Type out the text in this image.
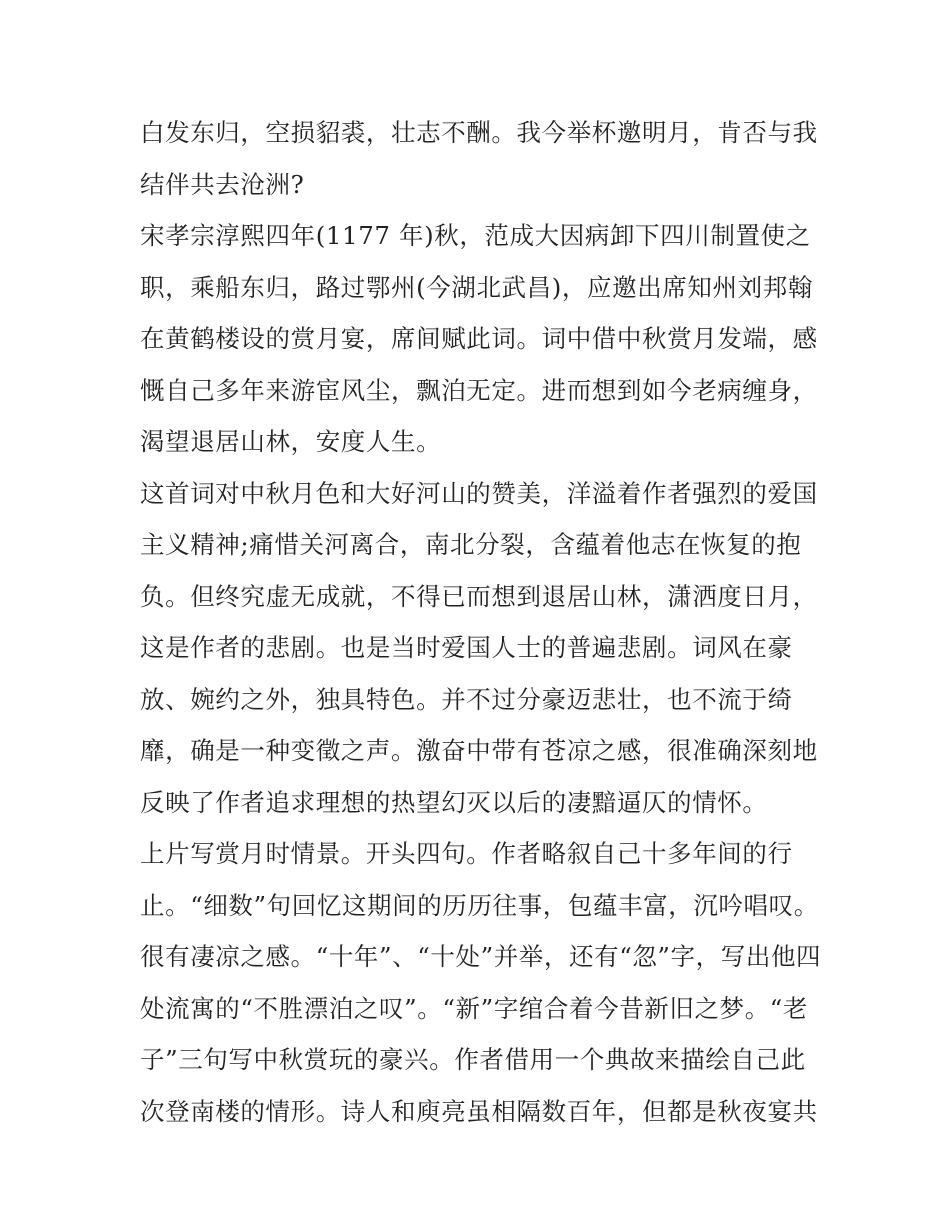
白发东归，空损貂裘，壮志不酬。我今举杯邀明月，肯否与我
结伴共去沧洲?
宋孝宗淳熙四年(1177 年)秋，范成大因病卸下四川制置使之
职，乘船东归，路过鄂州(今湖北武昌)，应邀出席知州刘邦翰
在黄鹤楼设的赏月宴，席间赋此词。词中借中秋赏月发端，感
慨自己多年来游宦风尘，飘泊无定。进而想到如今老病缠身，
渴望退居山林，安度人生。
这首词对中秋月色和大好河山的赞美，洋溢着作者强烈的爱国
主义精神;痛惜关河离合，南北分裂，含蕴着他志在恢复的抱
负。但终究虚无成就，不得已而想到退居山林，潇洒度日月，
这是作者的悲剧。也是当时爱国人士的普遍悲剧。词风在豪
放、婉约之外，独具特色。并不过分豪迈悲壮，也不流于绮
靡，确是一种变徵之声。激奋中带有苍凉之感，很准确深刻地
反映了作者追求理想的热望幻灭以后的凄黯逼仄的情怀。
上片写赏月时情景。开头四句。作者略叙自己十多年间的行
止。“细数”句回忆这期间的历历往事，包蕴丰富，沉吟唱叹。
很有凄凉之感。“十年”、“十处”并举，还有“忽”字，写出他四
处流寓的“不胜漂泊之叹”。“新”字绾合着今昔新旧之梦。“老
子”三句写中秋赏玩的豪兴。作者借用一个典故来描绘自己此
次登南楼的情形。诗人和庾亮虽相隔数百年，但都是秋夜宴共
